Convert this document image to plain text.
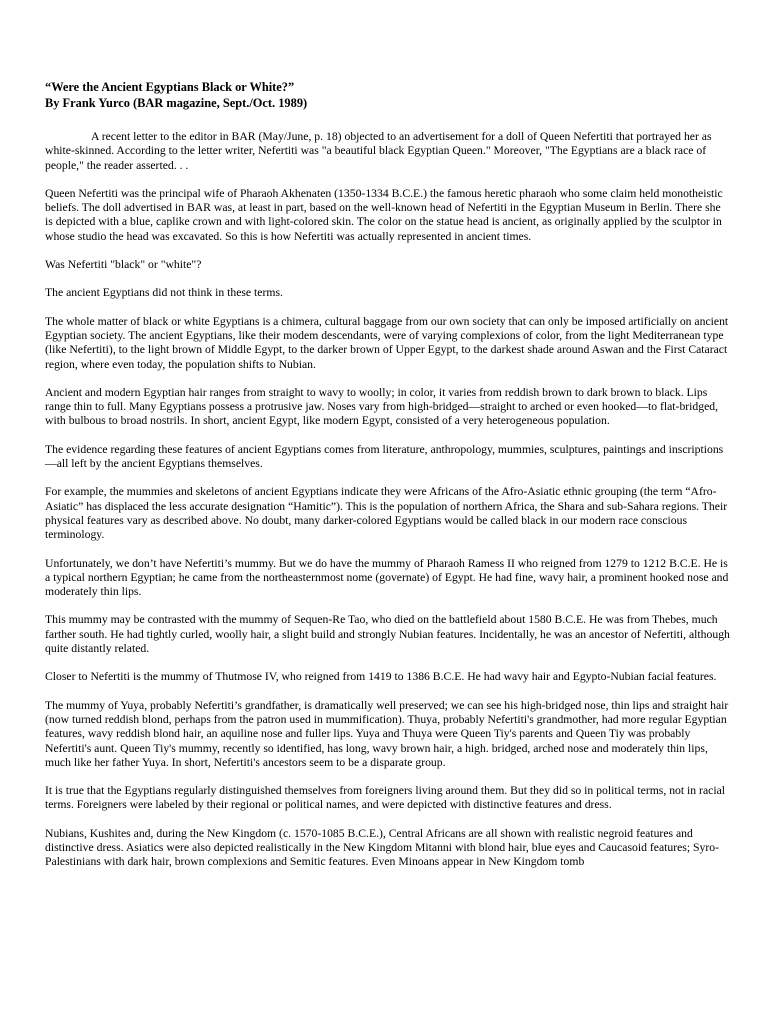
“Were the Ancient Egyptians Black or White?”
By Frank Yurco (BAR magazine, Sept./Oct. 1989)

A recent letter to the editor in BAR (May/June, p. 18) objected to an advertisement for a doll of Queen Nefertiti that portrayed her as white-skinned. According to the letter writer, Nefertiti was "a beautiful black Egyptian Queen." Moreover, "The Egyptians are a black race of people," the reader asserted. . .

Queen Nefertiti was the principal wife of Pharaoh Akhenaten (1350-1334 B.C.E.) the famous heretic pharaoh who some claim held monotheistic beliefs. The doll advertised in BAR was, at least in part, based on the well-known head of Nefertiti in the Egyptian Museum in Berlin. There she is depicted with a blue, caplike crown and with light-colored skin. The color on the statue head is ancient, as originally applied by the sculptor in whose studio the head was excavated. So this is how Nefertiti was actually represented in ancient times.

Was Nefertiti "black" or "white"?

The ancient Egyptians did not think in these terms.

The whole matter of black or white Egyptians is a chimera, cultural baggage from our own society that can only be imposed artificially on ancient Egyptian society. The ancient Egyptians, like their modem descendants, were of varying complexions of color, from the light Mediterranean type (like Nefertiti), to the light brown of Middle Egypt, to the darker brown of Upper Egypt, to the darkest shade around Aswan and the First Cataract region, where even today, the population shifts to Nubian.

Ancient and modern Egyptian hair ranges from straight to wavy to woolly; in color, it varies from reddish brown to dark brown to black. Lips range thin to full. Many Egyptians possess a protrusive jaw. Noses vary from high-bridged—straight to arched or even hooked—to flat-bridged, with bulbous to broad nostrils. In short, ancient Egypt, like modern Egypt, consisted of a very heterogeneous population.

The evidence regarding these features of ancient Egyptians comes from literature, anthropology, mummies, sculptures, paintings and inscriptions—all left by the ancient Egyptians themselves.

For example, the mummies and skeletons of ancient Egyptians indicate they were Africans of the Afro-Asiatic ethnic grouping (the term “Afro-Asiatic” has displaced the less accurate designation “Hamitic”). This is the population of northern Africa, the Shara and sub-Sahara regions. Their physical features vary as described above. No doubt, many darker-colored Egyptians would be called black in our modern race conscious terminology.

Unfortunately, we don’t have Nefertiti’s mummy. But we do have the mummy of Pharaoh Ramess II who reigned from 1279 to 1212 B.C.E. He is a typical northern Egyptian; he came from the northeasternmost nome (governate) of Egypt. He had fine, wavy hair, a prominent hooked nose and moderately thin lips.

This mummy may be contrasted with the mummy of Sequen-Re Tao, who died on the battlefield about 1580 B.C.E. He was from Thebes, much farther south. He had tightly curled, woolly hair, a slight build and strongly Nubian features. Incidentally, he was an ancestor of Nefertiti, although quite distantly related.

Closer to Nefertiti is the mummy of Thutmose IV, who reigned from 1419 to 1386 B.C.E. He had wavy hair and Egypto-Nubian facial features.

The mummy of Yuya, probably Nefertiti’s grandfather, is dramatically well preserved; we can see his high-bridged nose, thin lips and straight hair (now turned reddish blond, perhaps from the patron used in mummification). Thuya, probably Nefertiti's grandmother, had more regular Egyptian features, wavy reddish blond hair, an aquiline nose and fuller lips. Yuya and Thuya were Queen Tiy's parents and Queen Tiy was probably Nefertiti's aunt. Queen Tiy's mummy, recently so identified, has long, wavy brown hair, a high. bridged, arched nose and moderately thin lips, much like her father Yuya. In short, Nefertiti's ancestors seem to be a disparate group.

It is true that the Egyptians regularly distinguished themselves from foreigners living around them. But they did so in political terms, not in racial terms. Foreigners were labeled by their regional or political names, and were depicted with distinctive features and dress.

Nubians, Kushites and, during the New Kingdom (c. 1570-1085 B.C.E.), Central Africans are all shown with realistic negroid features and distinctive dress. Asiatics were also depicted realistically in the New Kingdom Mitanni with blond hair, blue eyes and Caucasoid features; Syro-Palestinians with dark hair, brown complexions and Semitic features. Even Minoans appear in New Kingdom tomb
